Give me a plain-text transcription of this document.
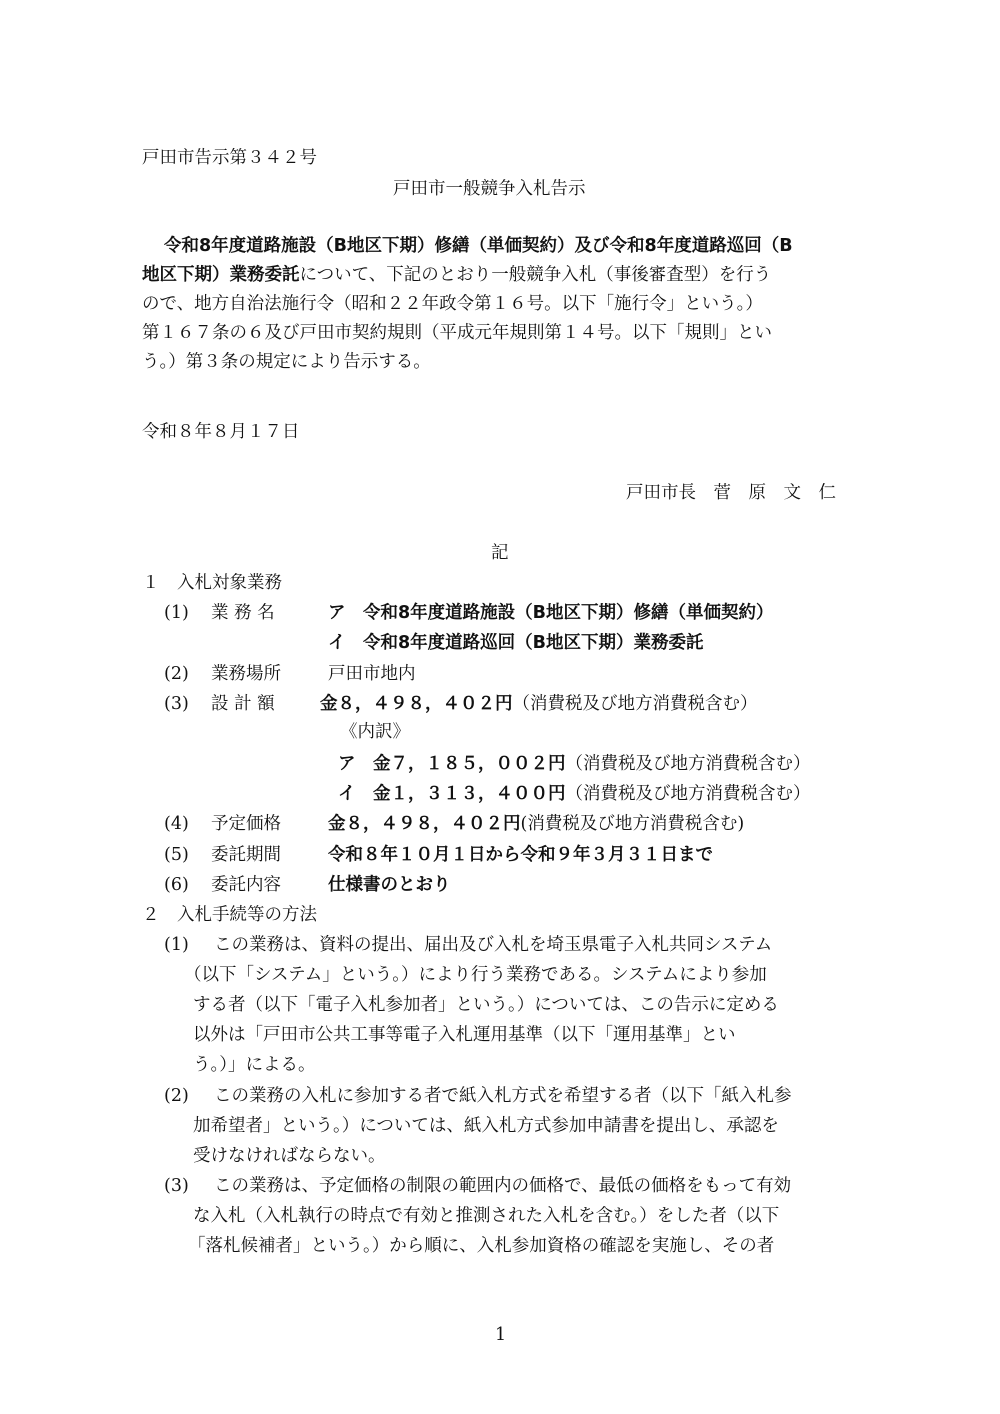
戸田市告示第３４２号
戸田市一般競争入札告示
令和8年度道路施設（B地区下期）修繕（単価契約）及び令和8年度道路巡回（B
地区下期）業務委託について、下記のとおり一般競争入札（事後審査型）を行う
ので、地方自治法施行令（昭和２２年政令第１６号。以下「施行令」という。）
第１６７条の６及び戸田市契約規則（平成元年規則第１４号。以下「規則」とい
う。）第３条の規定により告示する。
令和８年８月１７日
戸田市長　菅　原　文　仁
記
１　入札対象業務
(1) 業 務 名	ア　令和8年度道路施設（B地区下期）修繕（単価契約）
イ　令和8年度道路巡回（B地区下期）業務委託
(2) 業務場所	戸田市地内
(3) 設 計 額	金８，４９８，４０２円（消費税及び地方消費税含む）
《内訳》
ア　金７，１８５，００２円（消費税及び地方消費税含む）
イ　金１，３１３，４００円（消費税及び地方消費税含む）
(4) 予定価格	金８，４９８，４０２円(消費税及び地方消費税含む)
(5) 委託期間	令和８年１０月１日から令和９年３月３１日まで
(6) 委託内容	仕様書のとおり
２　入札手続等の方法
(1) この業務は、資料の提出、届出及び入札を埼玉県電子入札共同システム
（以下「システム」という。）により行う業務である。システムにより参加
する者（以下「電子入札参加者」という。）については、この告示に定める
以外は「戸田市公共工事等電子入札運用基準（以下「運用基準」とい
う。）」による。
(2) この業務の入札に参加する者で紙入札方式を希望する者（以下「紙入札参
加希望者」という。）については、紙入札方式参加申請書を提出し、承認を
受けなければならない。
(3) この業務は、予定価格の制限の範囲内の価格で、最低の価格をもって有効
な入札（入札執行の時点で有効と推測された入札を含む。）をした者（以下
「落札候補者」という。）から順に、入札参加資格の確認を実施し、その者
1
